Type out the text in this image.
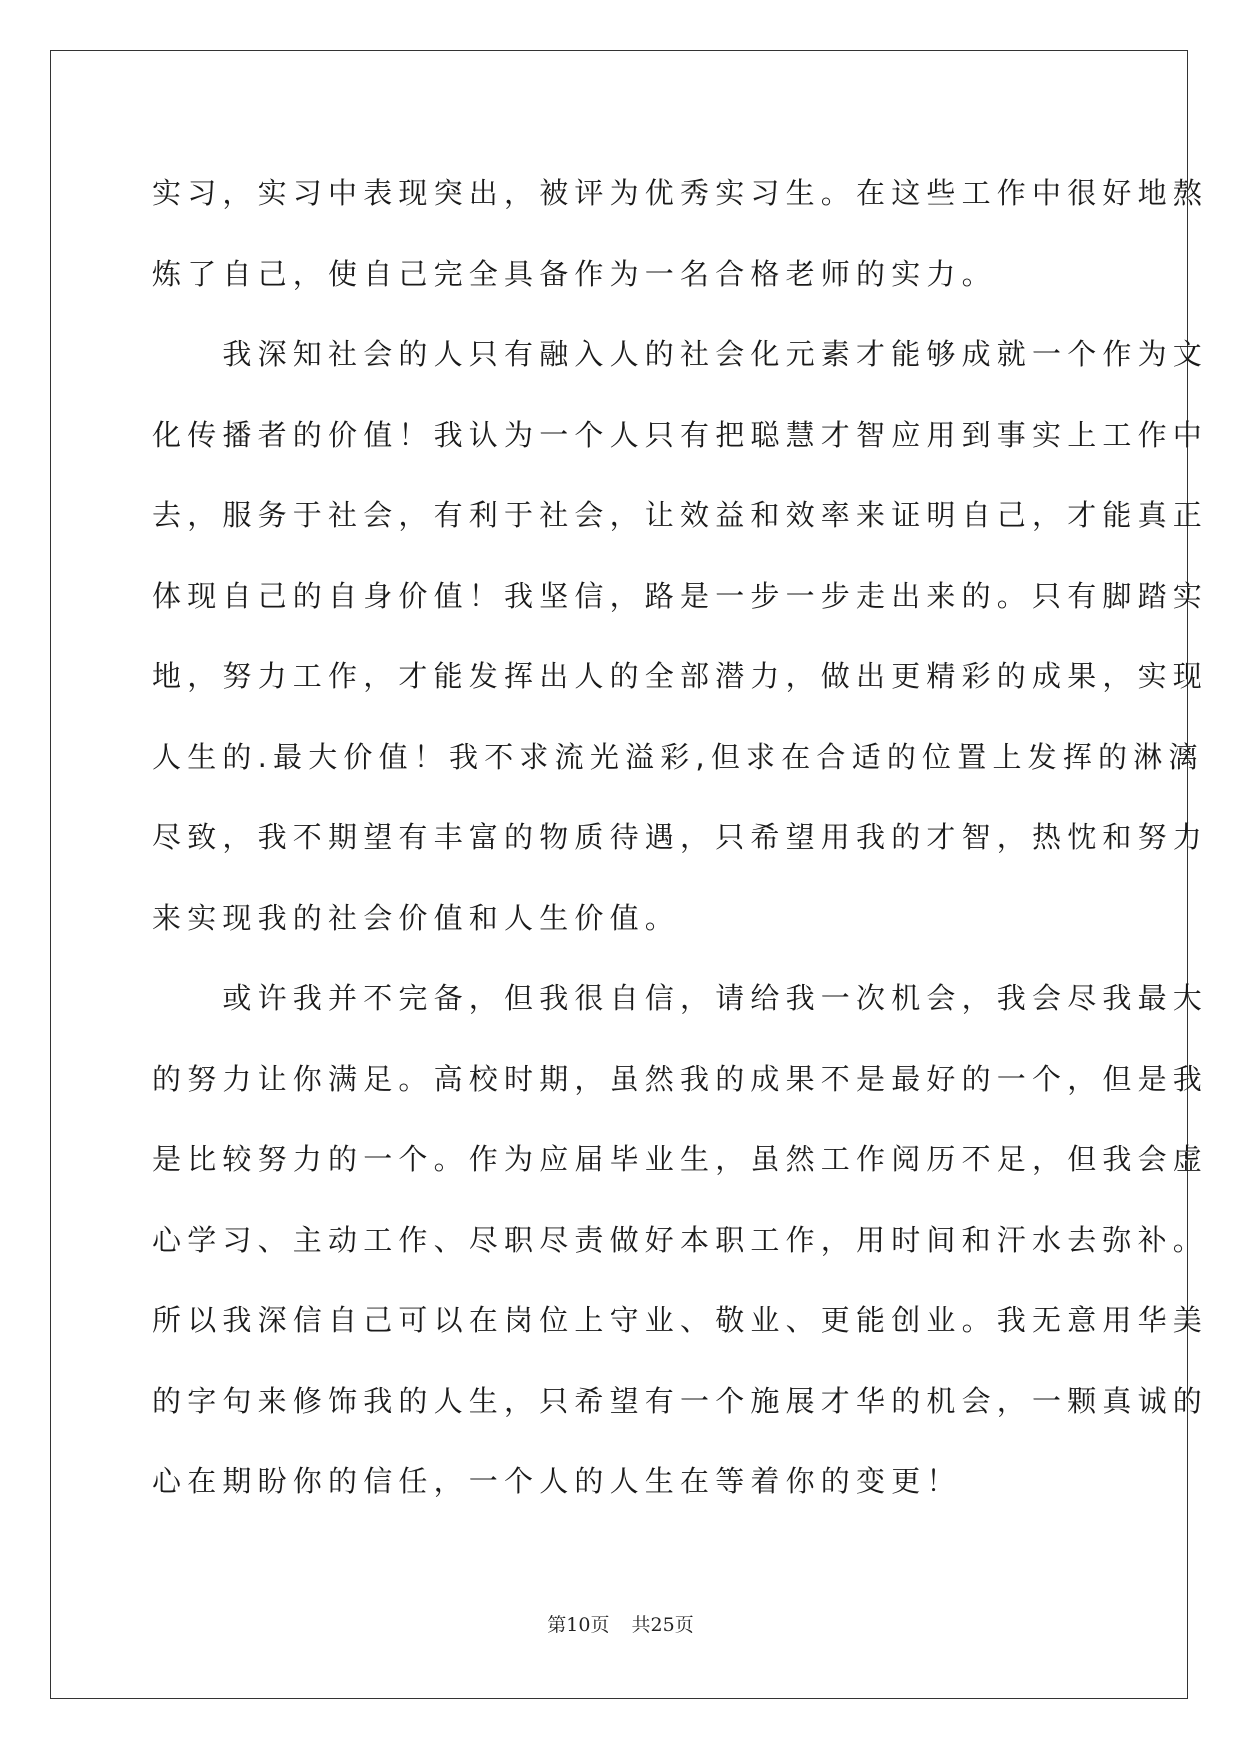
实习，实习中表现突出，被评为优秀实习生。在这些工作中很好地熬
炼了自己，使自己完全具备作为一名合格老师的实力。
　　我深知社会的人只有融入人的社会化元素才能够成就一个作为文
化传播者的价值！我认为一个人只有把聪慧才智应用到事实上工作中
去，服务于社会，有利于社会，让效益和效率来证明自己，才能真正
体现自己的自身价值！我坚信，路是一步一步走出来的。只有脚踏实
地，努力工作，才能发挥出人的全部潜力，做出更精彩的成果，实现
人生的.最大价值！我不求流光溢彩,但求在合适的位置上发挥的淋漓
尽致，我不期望有丰富的物质待遇，只希望用我的才智，热忱和努力
来实现我的社会价值和人生价值。
　　或许我并不完备，但我很自信，请给我一次机会，我会尽我最大
的努力让你满足。高校时期，虽然我的成果不是最好的一个，但是我
是比较努力的一个。作为应届毕业生，虽然工作阅历不足，但我会虚
心学习、主动工作、尽职尽责做好本职工作，用时间和汗水去弥补。
所以我深信自己可以在岗位上守业、敬业、更能创业。我无意用华美
的字句来修饰我的人生，只希望有一个施展才华的机会，一颗真诚的
心在期盼你的信任，一个人的人生在等着你的变更！
第10页 共25页
